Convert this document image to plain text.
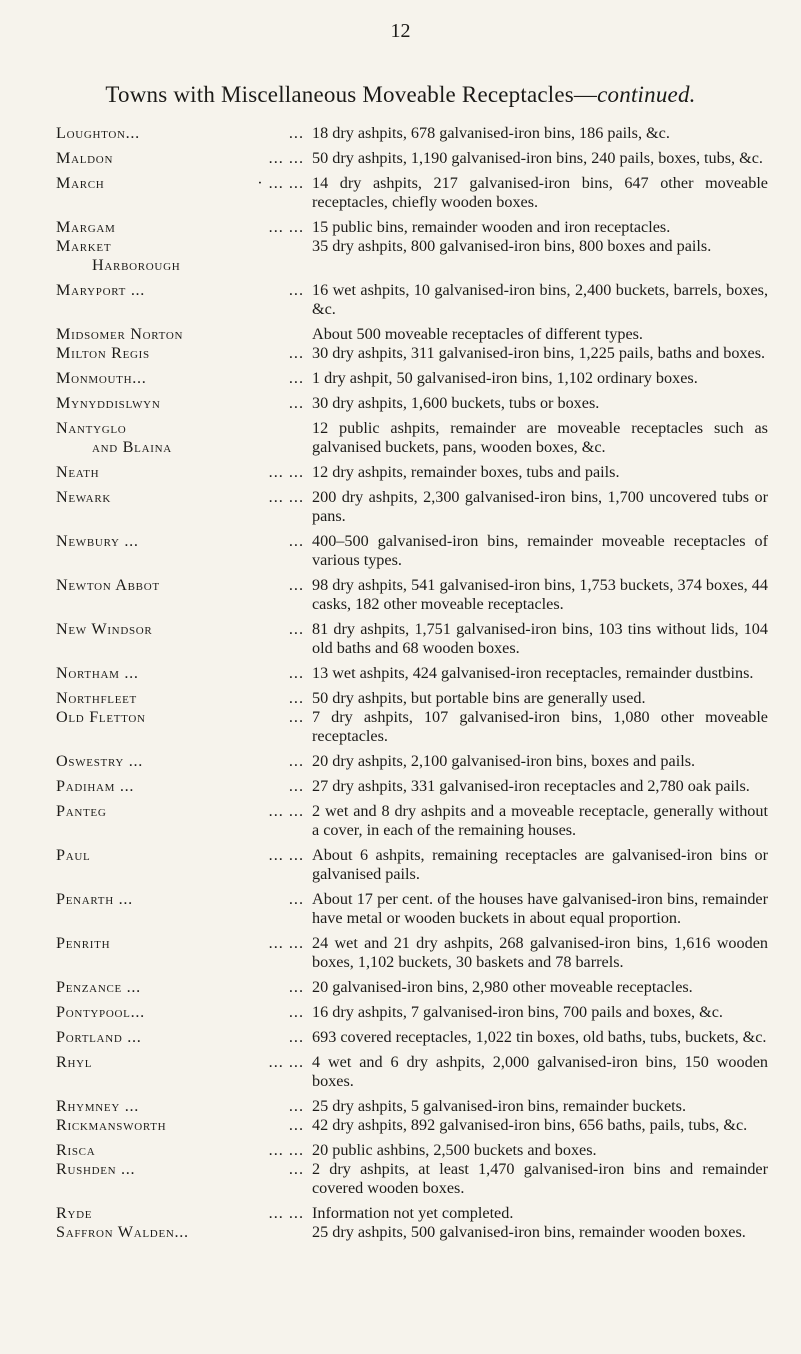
12
Towns with Miscellaneous Moveable Receptacles—continued.
Loughton...	... 18 dry ashpits, 678 galvanised-iron bins, 186 pails, &c.
Maldon	... ... 50 dry ashpits, 1,190 galvanised-iron bins, 240 pails, boxes, tubs, &c.
March	· ... ... 14 dry ashpits, 217 galvanised-iron bins, 647 other moveable receptacles, chiefly wooden boxes.
Margam	... ... 15 public bins, remainder wooden and iron receptacles.
Market
Harborough
35 dry ashpits, 800 galvanised-iron bins, 800 boxes and pails.
Maryport ...	... 16 wet ashpits, 10 galvanised-iron bins, 2,400 buckets, barrels, boxes, &c.
Midsomer Norton	About 500 moveable receptacles of different types.
Milton Regis	... 30 dry ashpits, 311 galvanised-iron bins, 1,225 pails, baths and boxes.
Monmouth...	... 1 dry ashpit, 50 galvanised-iron bins, 1,102 ordinary boxes.
Mynyddislwyn	... 30 dry ashpits, 1,600 buckets, tubs or boxes.
Nantyglo
and Blaina
12 public ashpits, remainder are moveable receptacles such as galvanised buckets, pans, wooden boxes, &c.
Neath	... ... 12 dry ashpits, remainder boxes, tubs and pails.
Newark	... ... 200 dry ashpits, 2,300 galvanised-iron bins, 1,700 uncovered tubs or pans.
Newbury ...	... 400–500 galvanised-iron bins, remainder moveable receptacles of various types.
Newton Abbot	... 98 dry ashpits, 541 galvanised-iron bins, 1,753 buckets, 374 boxes, 44 casks, 182 other moveable receptacles.
New Windsor	... 81 dry ashpits, 1,751 galvanised-iron bins, 103 tins without lids, 104 old baths and 68 wooden boxes.
Northam ...	... 13 wet ashpits, 424 galvanised-iron receptacles, remainder dustbins.
Northfleet	... 50 dry ashpits, but portable bins are generally used.
Old Fletton	... 7 dry ashpits, 107 galvanised-iron bins, 1,080 other moveable receptacles.
Oswestry ...	... 20 dry ashpits, 2,100 galvanised-iron bins, boxes and pails.
Padiham ...	... 27 dry ashpits, 331 galvanised-iron receptacles and 2,780 oak pails.
Panteg	... ... 2 wet and 8 dry ashpits and a moveable receptacle, generally without a cover, in each of the remaining houses.
Paul	... ... About 6 ashpits, remaining receptacles are galvanised-iron bins or galvanised pails.
Penarth ...	... About 17 per cent. of the houses have galvanised-iron bins, remainder have metal or wooden buckets in about equal proportion.
Penrith	... ... 24 wet and 21 dry ashpits, 268 galvanised-iron bins, 1,616 wooden boxes, 1,102 buckets, 30 baskets and 78 barrels.
Penzance ...	... 20 galvanised-iron bins, 2,980 other moveable receptacles.
Pontypool...	... 16 dry ashpits, 7 galvanised-iron bins, 700 pails and boxes, &c.
Portland ...	... 693 covered receptacles, 1,022 tin boxes, old baths, tubs, buckets, &c.
Rhyl	... ... 4 wet and 6 dry ashpits, 2,000 galvanised-iron bins, 150 wooden boxes.
Rhymney ...	... 25 dry ashpits, 5 galvanised-iron bins, remainder buckets.
Rickmansworth	... 42 dry ashpits, 892 galvanised-iron bins, 656 baths, pails, tubs, &c.
Risca	... ... 20 public ashbins, 2,500 buckets and boxes.
Rushden ...	... 2 dry ashpits, at least 1,470 galvanised-iron bins and remainder covered wooden boxes.
Ryde	... ... Information not yet completed.
Saffron Walden...	25 dry ashpits, 500 galvanised-iron bins, remainder wooden boxes.
